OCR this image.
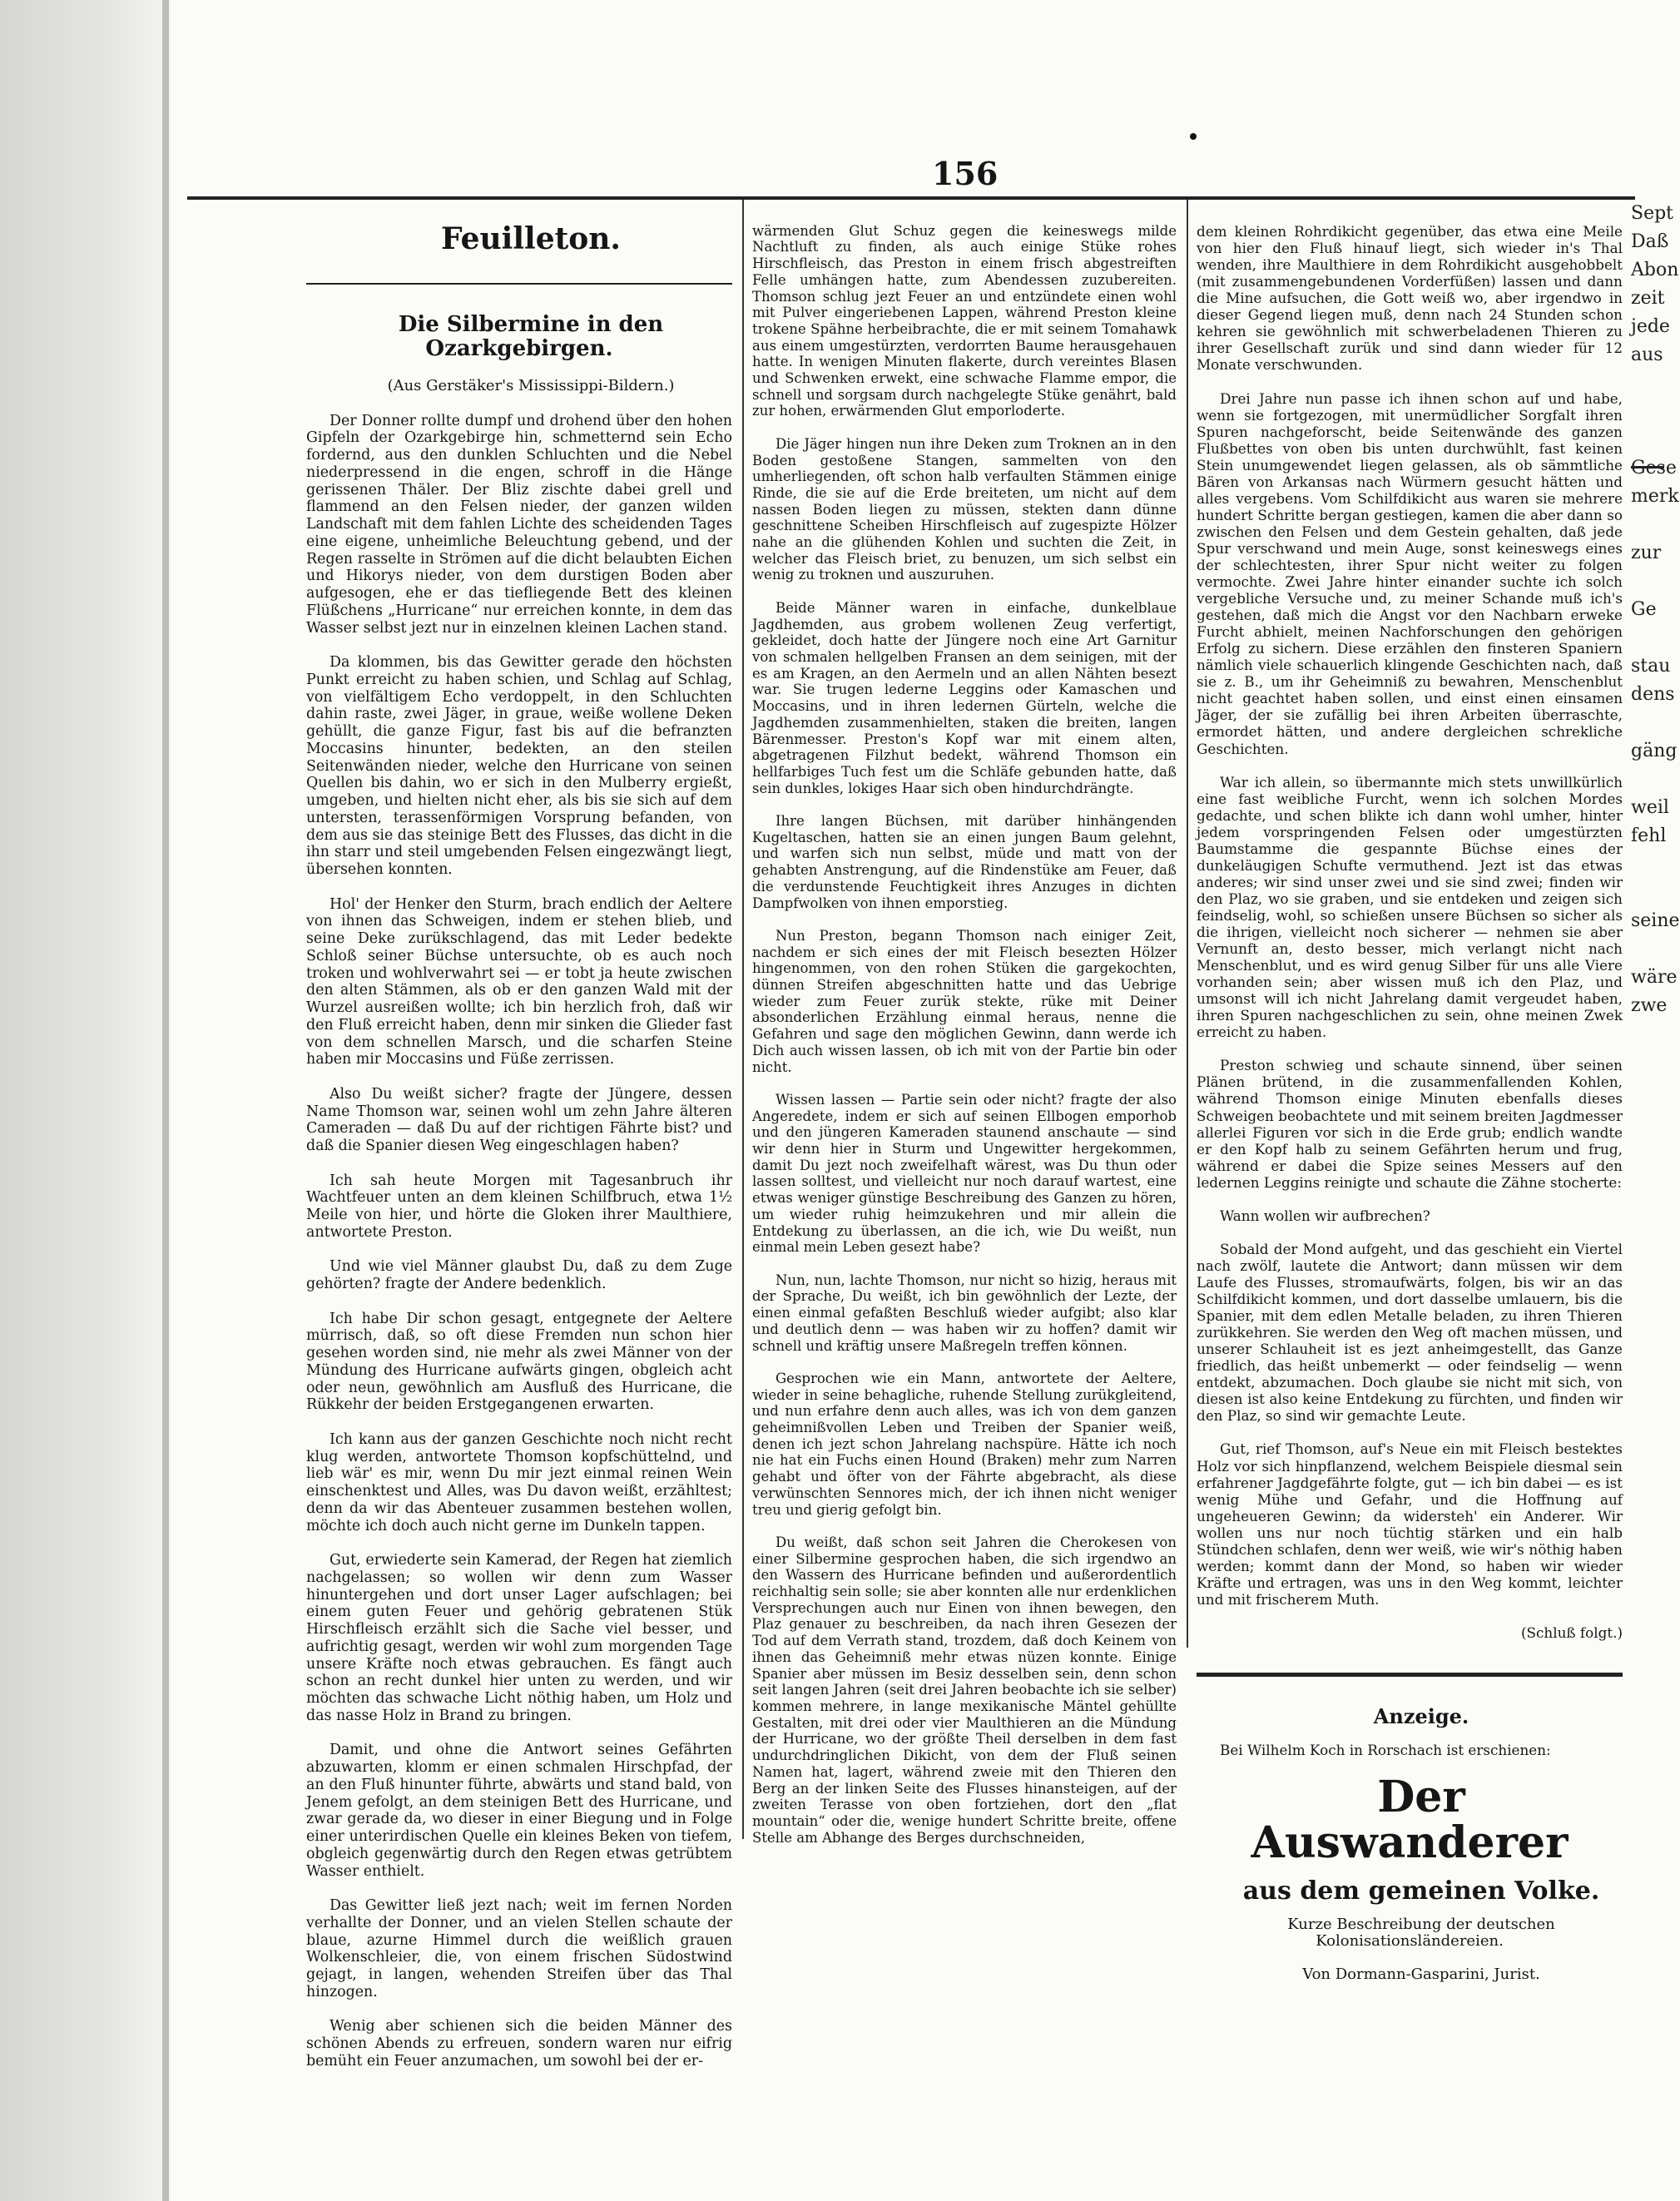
156

Feuilleton.

Die Silbermine in den Ozarkgebirgen.

(Aus Gerstäker's Mississippi-Bildern.)

Der Donner rollte dumpf und drohend über den hohen Gipfeln der Ozarkgebirge hin, schmetternd sein Echo fordernd, aus den dunklen Schluchten und die Nebel niederpressend in die engen, schroff in die Hänge gerissenen Thäler. Der Bliz zischte dabei grell und flammend an den Felsen nieder, der ganzen wilden Landschaft mit dem fahlen Lichte des scheidenden Tages eine eigene, unheimliche Beleuchtung gebend, und der Regen rasselte in Strömen auf die dicht belaubten Eichen und Hikorys nieder, von dem durstigen Boden aber aufgesogen, ehe er das tiefliegende Bett des kleinen Flüßchens „Hurricane“ nur erreichen konnte, in dem das Wasser selbst jezt nur in einzelnen kleinen Lachen stand.

Da klommen, bis das Gewitter gerade den höchsten Punkt erreicht zu haben schien, und Schlag auf Schlag, von vielfältigem Echo verdoppelt, in den Schluchten dahin raste, zwei Jäger, in graue, weiße wollene Deken gehüllt, die ganze Figur, fast bis auf die befranzten Moccasins hinunter, bedekten, an den steilen Seitenwänden nieder, welche den Hurricane von seinen Quellen bis dahin, wo er sich in den Mulberry ergießt, umgeben, und hielten nicht eher, als bis sie sich auf dem untersten, terassenförmigen Vorsprung befanden, von dem aus sie das steinige Bett des Flusses, das dicht in die ihn starr und steil umgebenden Felsen eingezwängt liegt, übersehen konnten.

Hol' der Henker den Sturm, brach endlich der Aeltere von ihnen das Schweigen, indem er stehen blieb, und seine Deke zurükschlagend, das mit Leder bedekte Schloß seiner Büchse untersuchte, ob es auch noch troken und wohlverwahrt sei — er tobt ja heute zwischen den alten Stämmen, als ob er den ganzen Wald mit der Wurzel ausreißen wollte; ich bin herzlich froh, daß wir den Fluß erreicht haben, denn mir sinken die Glieder fast von dem schnellen Marsch, und die scharfen Steine haben mir Moccasins und Füße zerrissen.

Also Du weißt sicher? fragte der Jüngere, dessen Name Thomson war, seinen wohl um zehn Jahre älteren Cameraden — daß Du auf der richtigen Fährte bist? und daß die Spanier diesen Weg eingeschlagen haben?

Ich sah heute Morgen mit Tagesanbruch ihr Wachtfeuer unten an dem kleinen Schilfbruch, etwa 1½ Meile von hier, und hörte die Gloken ihrer Maulthiere, antwortete Preston.

Und wie viel Männer glaubst Du, daß zu dem Zuge gehörten? fragte der Andere bedenklich.

Ich habe Dir schon gesagt, entgegnete der Aeltere mürrisch, daß, so oft diese Fremden nun schon hier gesehen worden sind, nie mehr als zwei Männer von der Mündung des Hurricane aufwärts gingen, obgleich acht oder neun, gewöhnlich am Ausfluß des Hurricane, die Rükkehr der beiden Erstgegangenen erwarten.

Ich kann aus der ganzen Geschichte noch nicht recht klug werden, antwortete Thomson kopfschüttelnd, und lieb wär' es mir, wenn Du mir jezt einmal reinen Wein einschenktest und Alles, was Du davon weißt, erzähltest; denn da wir das Abenteuer zusammen bestehen wollen, möchte ich doch auch nicht gerne im Dunkeln tappen.

Gut, erwiederte sein Kamerad, der Regen hat ziemlich nachgelassen; so wollen wir denn zum Wasser hinuntergehen und dort unser Lager aufschlagen; bei einem guten Feuer und gehörig gebratenen Stük Hirschfleisch erzählt sich die Sache viel besser, und aufrichtig gesagt, werden wir wohl zum morgenden Tage unsere Kräfte noch etwas gebrauchen. Es fängt auch schon an recht dunkel hier unten zu werden, und wir möchten das schwache Licht nöthig haben, um Holz und das nasse Holz in Brand zu bringen.

Damit, und ohne die Antwort seines Gefährten abzuwarten, klomm er einen schmalen Hirschpfad, der an den Fluß hinunter führte, abwärts und stand bald, von Jenem gefolgt, an dem steinigen Bett des Hurricane, und zwar gerade da, wo dieser in einer Biegung und in Folge einer unterirdischen Quelle ein kleines Beken von tiefem, obgleich gegenwärtig durch den Regen etwas getrübtem Wasser enthielt.

Das Gewitter ließ jezt nach; weit im fernen Norden verhallte der Donner, und an vielen Stellen schaute der blaue, azurne Himmel durch die weißlich grauen Wolkenschleier, die, von einem frischen Südostwind gejagt, in langen, wehenden Streifen über das Thal hinzogen.

Wenig aber schienen sich die beiden Männer des schönen Abends zu erfreuen, sondern waren nur eifrig bemüht ein Feuer anzumachen, um sowohl bei der er-

wärmenden Glut Schuz gegen die keineswegs milde Nachtluft zu finden, als auch einige Stüke rohes Hirschfleisch, das Preston in einem frisch abgestreiften Felle umhängen hatte, zum Abendessen zuzubereiten. Thomson schlug jezt Feuer an und entzündete einen wohl mit Pulver eingeriebenen Lappen, während Preston kleine trokene Spähne herbeibrachte, die er mit seinem Tomahawk aus einem umgestürzten, verdorrten Baume herausgehauen hatte. In wenigen Minuten flakerte, durch vereintes Blasen und Schwenken erwekt, eine schwache Flamme empor, die schnell und sorgsam durch nachgelegte Stüke genährt, bald zur hohen, erwärmenden Glut emporloderte.

Die Jäger hingen nun ihre Deken zum Troknen an in den Boden gestoßene Stangen, sammelten von den umherliegenden, oft schon halb verfaulten Stämmen einige Rinde, die sie auf die Erde breiteten, um nicht auf dem nassen Boden liegen zu müssen, stekten dann dünne geschnittene Scheiben Hirschfleisch auf zugespizte Hölzer nahe an die glühenden Kohlen und suchten die Zeit, in welcher das Fleisch briet, zu benuzen, um sich selbst ein wenig zu troknen und auszuruhen.

Beide Männer waren in einfache, dunkelblaue Jagdhemden, aus grobem wollenen Zeug verfertigt, gekleidet, doch hatte der Jüngere noch eine Art Garnitur von schmalen hellgelben Fransen an dem seinigen, mit der es am Kragen, an den Aermeln und an allen Nähten besezt war. Sie trugen lederne Leggins oder Kamaschen und Moccasins, und in ihren ledernen Gürteln, welche die Jagdhemden zusammenhielten, staken die breiten, langen Bärenmesser. Preston's Kopf war mit einem alten, abgetragenen Filzhut bedekt, während Thomson ein hellfarbiges Tuch fest um die Schläfe gebunden hatte, daß sein dunkles, lokiges Haar sich oben hindurchdrängte.

Ihre langen Büchsen, mit darüber hinhängenden Kugeltaschen, hatten sie an einen jungen Baum gelehnt, und warfen sich nun selbst, müde und matt von der gehabten Anstrengung, auf die Rindenstüke am Feuer, daß die verdunstende Feuchtigkeit ihres Anzuges in dichten Dampfwolken von ihnen emporstieg.

Nun Preston, begann Thomson nach einiger Zeit, nachdem er sich eines der mit Fleisch besezten Hölzer hingenommen, von den rohen Stüken die gargekochten, dünnen Streifen abgeschnitten hatte und das Uebrige wieder zum Feuer zurük stekte, rüke mit Deiner absonderlichen Erzählung einmal heraus, nenne die Gefahren und sage den möglichen Gewinn, dann werde ich Dich auch wissen lassen, ob ich mit von der Partie bin oder nicht.

Wissen lassen — Partie sein oder nicht? fragte der also Angeredete, indem er sich auf seinen Ellbogen emporhob und den jüngeren Kameraden staunend anschaute — sind wir denn hier in Sturm und Ungewitter hergekommen, damit Du jezt noch zweifelhaft wärest, was Du thun oder lassen solltest, und vielleicht nur noch darauf wartest, eine etwas weniger günstige Beschreibung des Ganzen zu hören, um wieder ruhig heimzukehren und mir allein die Entdekung zu überlassen, an die ich, wie Du weißt, nun einmal mein Leben gesezt habe?

Nun, nun, lachte Thomson, nur nicht so hizig, heraus mit der Sprache, Du weißt, ich bin gewöhnlich der Lezte, der einen einmal gefaßten Beschluß wieder aufgibt; also klar und deutlich denn — was haben wir zu hoffen? damit wir schnell und kräftig unsere Maßregeln treffen können.

Gesprochen wie ein Mann, antwortete der Aeltere, wieder in seine behagliche, ruhende Stellung zurükgleitend, und nun erfahre denn auch alles, was ich von dem ganzen geheimnißvollen Leben und Treiben der Spanier weiß, denen ich jezt schon Jahrelang nachspüre. Hätte ich noch nie hat ein Fuchs einen Hound (Braken) mehr zum Narren gehabt und öfter von der Fährte abgebracht, als diese verwünschten Sennores mich, der ich ihnen nicht weniger treu und gierig gefolgt bin.

Du weißt, daß schon seit Jahren die Cherokesen von einer Silbermine gesprochen haben, die sich irgendwo an den Wassern des Hurricane befinden und außerordentlich reichhaltig sein solle; sie aber konnten alle nur erdenklichen Versprechungen auch nur Einen von ihnen bewegen, den Plaz genauer zu beschreiben, da nach ihren Gesezen der Tod auf dem Verrath stand, trozdem, daß doch Keinem von ihnen das Geheimniß mehr etwas nüzen konnte. Einige Spanier aber müssen im Besiz desselben sein, denn schon seit langen Jahren (seit drei Jahren beobachte ich sie selber) kommen mehrere, in lange mexikanische Mäntel gehüllte Gestalten, mit drei oder vier Maulthieren an die Mündung der Hurricane, wo der größte Theil derselben in dem fast undurchdringlichen Dikicht, von dem der Fluß seinen Namen hat, lagert, während zweie mit den Thieren den Berg an der linken Seite des Flusses hinansteigen, auf der zweiten Terasse von oben fortziehen, dort den „flat mountain“ oder die, wenige hundert Schritte breite, offene Stelle am Abhange des Berges durchschneiden,

dem kleinen Rohrdikicht gegenüber, das etwa eine Meile von hier den Fluß hinauf liegt, sich wieder in's Thal wenden, ihre Maulthiere in dem Rohrdikicht ausgehobbelt (mit zusammengebundenen Vorderfüßen) lassen und dann die Mine aufsuchen, die Gott weiß wo, aber irgendwo in dieser Gegend liegen muß, denn nach 24 Stunden schon kehren sie gewöhnlich mit schwerbeladenen Thieren zu ihrer Gesellschaft zurük und sind dann wieder für 12 Monate verschwunden.

Drei Jahre nun passe ich ihnen schon auf und habe, wenn sie fortgezogen, mit unermüdlicher Sorgfalt ihren Spuren nachgeforscht, beide Seitenwände des ganzen Flußbettes von oben bis unten durchwühlt, fast keinen Stein unumgewendet liegen gelassen, als ob sämmtliche Bären von Arkansas nach Würmern gesucht hätten und alles vergebens. Vom Schilfdikicht aus waren sie mehrere hundert Schritte bergan gestiegen, kamen die aber dann so zwischen den Felsen und dem Gestein gehalten, daß jede Spur verschwand und mein Auge, sonst keineswegs eines der schlechtesten, ihrer Spur nicht weiter zu folgen vermochte. Zwei Jahre hinter einander suchte ich solch vergebliche Versuche und, zu meiner Schande muß ich's gestehen, daß mich die Angst vor den Nachbarn erweke Furcht abhielt, meinen Nachforschungen den gehörigen Erfolg zu sichern. Diese erzählen den finsteren Spaniern nämlich viele schauerlich klingende Geschichten nach, daß sie z. B., um ihr Geheimniß zu bewahren, Menschenblut nicht geachtet haben sollen, und einst einen einsamen Jäger, der sie zufällig bei ihren Arbeiten überraschte, ermordet hätten, und andere dergleichen schrekliche Geschichten.

War ich allein, so übermannte mich stets unwillkürlich eine fast weibliche Furcht, wenn ich solchen Mordes gedachte, und schen blikte ich dann wohl umher, hinter jedem vorspringenden Felsen oder umgestürzten Baumstamme die gespannte Büchse eines der dunkeläugigen Schufte vermuthend. Jezt ist das etwas anderes; wir sind unser zwei und sie sind zwei; finden wir den Plaz, wo sie graben, und sie entdeken und zeigen sich feindselig, wohl, so schießen unsere Büchsen so sicher als die ihrigen, vielleicht noch sicherer — nehmen sie aber Vernunft an, desto besser, mich verlangt nicht nach Menschenblut, und es wird genug Silber für uns alle Viere vorhanden sein; aber wissen muß ich den Plaz, und umsonst will ich nicht Jahrelang damit vergeudet haben, ihren Spuren nachgeschlichen zu sein, ohne meinen Zwek erreicht zu haben.

Preston schwieg und schaute sinnend, über seinen Plänen brütend, in die zusammenfallenden Kohlen, während Thomson einige Minuten ebenfalls dieses Schweigen beobachtete und mit seinem breiten Jagdmesser allerlei Figuren vor sich in die Erde grub; endlich wandte er den Kopf halb zu seinem Gefährten herum und frug, während er dabei die Spize seines Messers auf den ledernen Leggins reinigte und schaute die Zähne stocherte:

Wann wollen wir aufbrechen?

Sobald der Mond aufgeht, und das geschieht ein Viertel nach zwölf, lautete die Antwort; dann müssen wir dem Laufe des Flusses, stromaufwärts, folgen, bis wir an das Schilfdikicht kommen, und dort dasselbe umlauern, bis die Spanier, mit dem edlen Metalle beladen, zu ihren Thieren zurükkehren. Sie werden den Weg oft machen müssen, und unserer Schlauheit ist es jezt anheimgestellt, das Ganze friedlich, das heißt unbemerkt — oder feindselig — wenn entdekt, abzumachen. Doch glaube sie nicht mit sich, von diesen ist also keine Entdekung zu fürchten, und finden wir den Plaz, so sind wir gemachte Leute.

Gut, rief Thomson, auf's Neue ein mit Fleisch bestektes Holz vor sich hinpflanzend, welchem Beispiele diesmal sein erfahrener Jagdgefährte folgte, gut — ich bin dabei — es ist wenig Mühe und Gefahr, und die Hoffnung auf ungeheueren Gewinn; da widersteh' ein Anderer. Wir wollen uns nur noch tüchtig stärken und ein halb Stündchen schlafen, denn wer weiß, wie wir's nöthig haben werden; kommt dann der Mond, so haben wir wieder Kräfte und ertragen, was uns in den Weg kommt, leichter und mit frischerem Muth.

(Schluß folgt.)

Anzeige.

Bei Wilhelm Koch in Rorschach ist erschienen:

Der Auswanderer

aus dem gemeinen Volke.

Kurze Beschreibung der deutschen Kolonisationsländereien.

Von Dormann-Gasparini, Jurist.

Sept
Daß
Abon
zeit
jede
aus

Gese
merk

zur

Ge

stau
dens

gäng

weil
fehl

seine

wäre
zwe
